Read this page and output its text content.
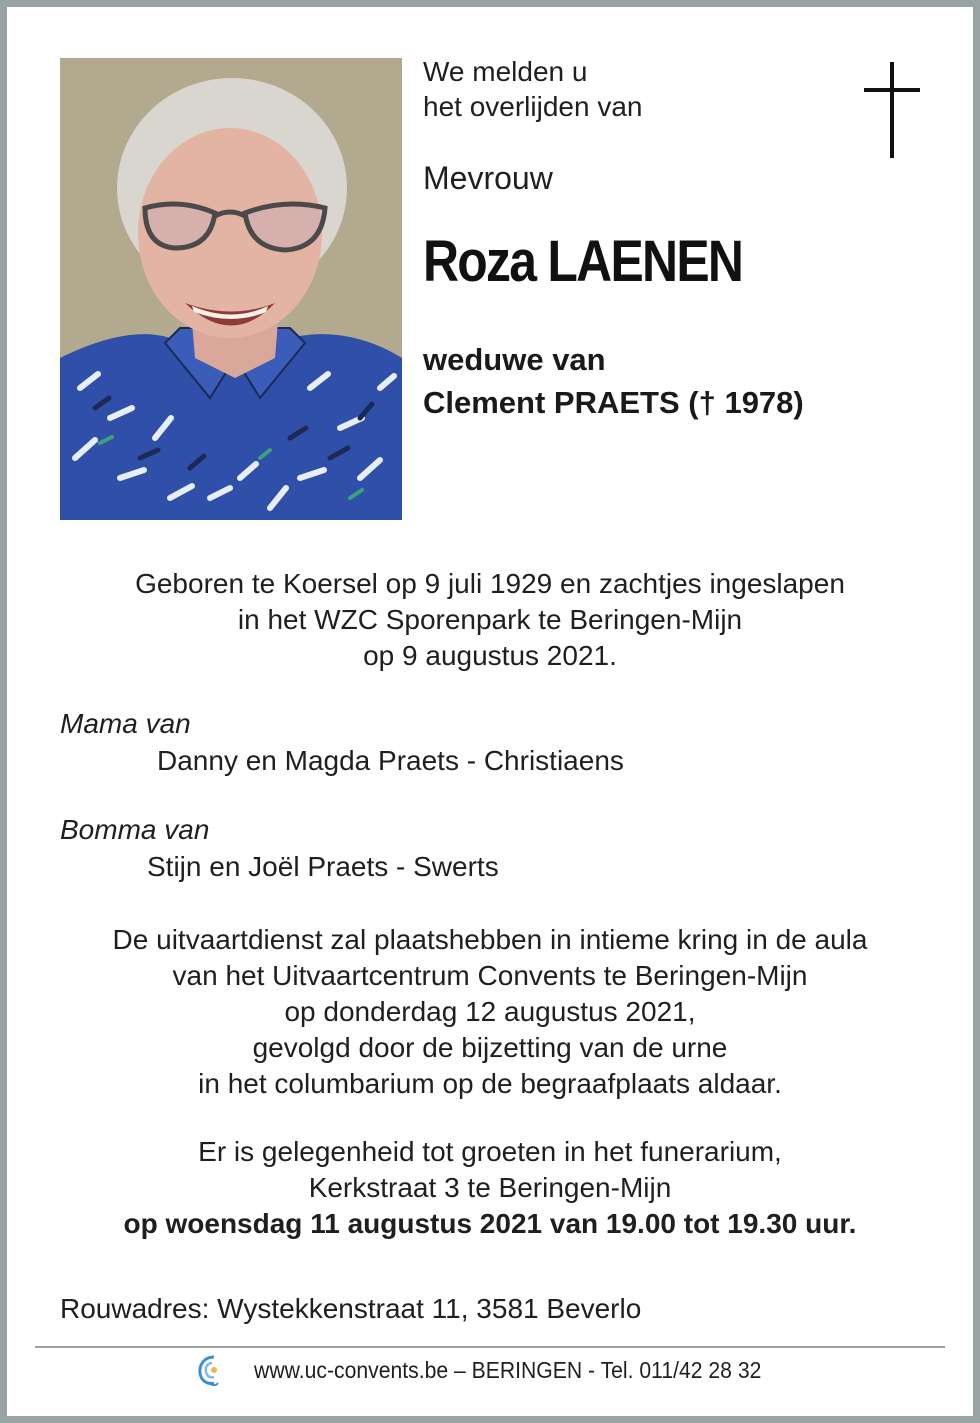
We melden u
het overlijden van
Mevrouw
Roza LAENEN
weduwe van
Clement PRAETS († 1978)
Geboren te Koersel op 9 juli 1929 en zachtjes ingeslapen
in het WZC Sporenpark te Beringen-Mijn
op 9 augustus 2021.
Mama van
Danny en Magda Praets - Christiaens
Bomma van
Stijn en Joël Praets - Swerts
De uitvaartdienst zal plaatshebben in intieme kring in de aula
van het Uitvaartcentrum Convents te Beringen-Mijn
op donderdag 12 augustus 2021,
gevolgd door de bijzetting van de urne
in het columbarium op de begraafplaats aldaar.
Er is gelegenheid tot groeten in het funerarium,
Kerkstraat 3 te Beringen-Mijn
op woensdag 11 augustus 2021 van 19.00 tot 19.30 uur.
Rouwadres: Wystekkenstraat 11, 3581 Beverlo
www.uc-convents.be – BERINGEN - Tel. 011/42 28 32
